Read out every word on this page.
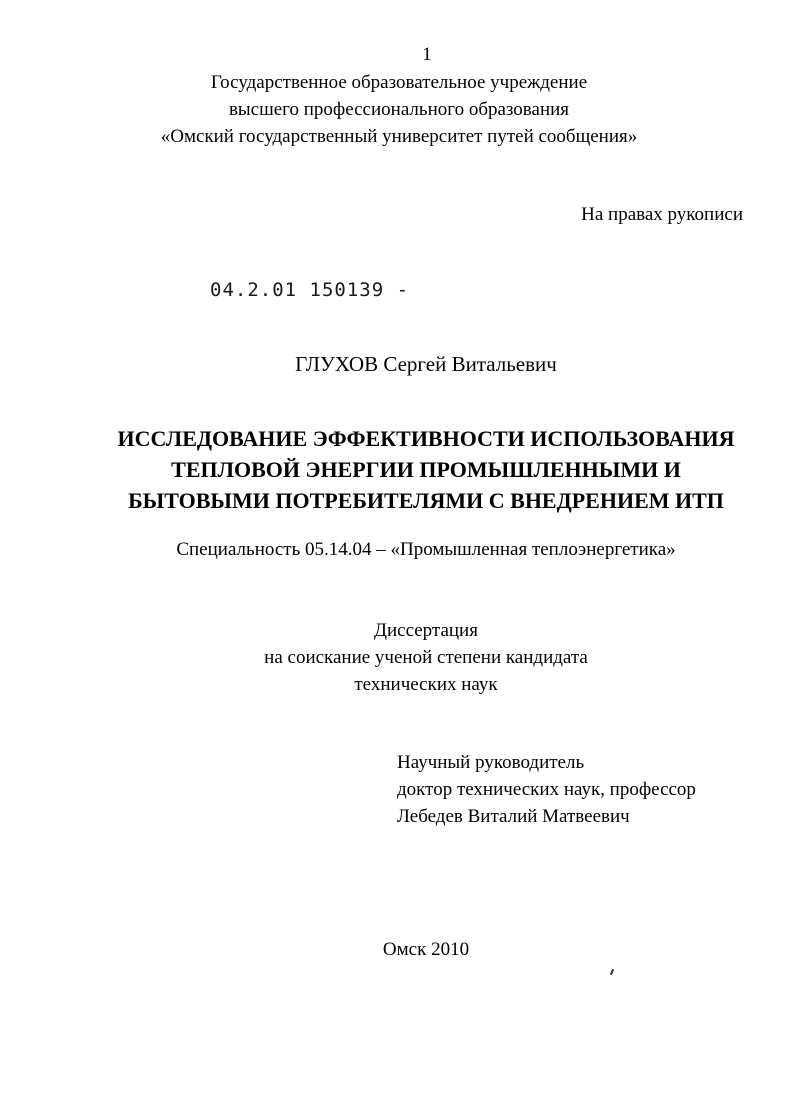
1
Государственное образовательное учреждение
высшего профессионального образования
«Омский государственный университет путей сообщения»
На правах рукописи
04.2.01 150139 -
ГЛУХОВ Сергей Витальевич
ИССЛЕДОВАНИЕ ЭФФЕКТИВНОСТИ ИСПОЛЬЗОВАНИЯ
ТЕПЛОВОЙ ЭНЕРГИИ ПРОМЫШЛЕННЫМИ И
БЫТОВЫМИ ПОТРЕБИТЕЛЯМИ С ВНЕДРЕНИЕМ ИТП
Специальность 05.14.04 – «Промышленная теплоэнергетика»
Диссертация
на соискание ученой степени кандидата
технических наук
Научный руководитель
доктор технических наук, профессор
Лебедев Виталий Матвеевич
Омск 2010
